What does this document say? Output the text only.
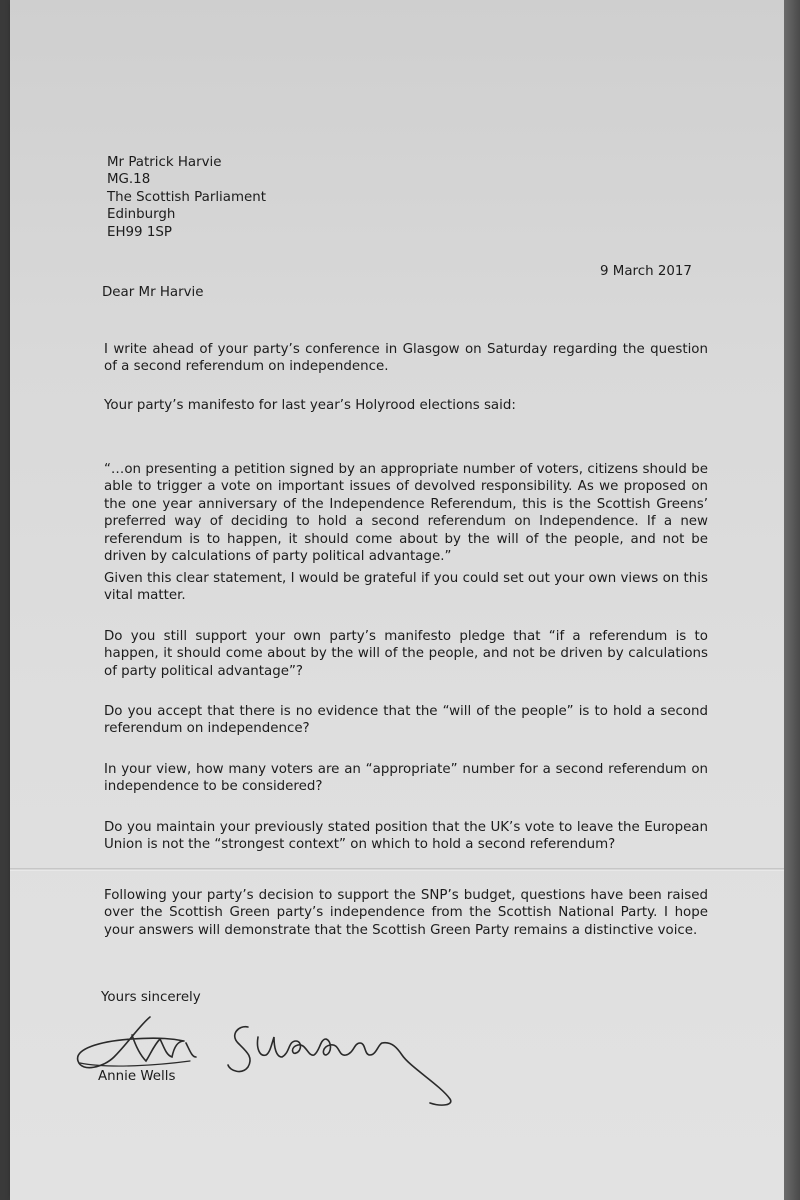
Mr Patrick Harvie
MG.18
The Scottish Parliament
Edinburgh
EH99 1SP
9 March 2017
Dear Mr Harvie
I write ahead of your party’s conference in Glasgow on Saturday regarding the question of a second referendum on independence.
Your party’s manifesto for last year’s Holyrood elections said:
“…on presenting a petition signed by an appropriate number of voters, citizens should be able to trigger a vote on important issues of devolved responsibility. As we proposed on the one year anniversary of the Independence Referendum, this is the Scottish Greens’ preferred way of deciding to hold a second referendum on Independence. If a new referendum is to happen, it should come about by the will of the people, and not be driven by calculations of party political advantage.”
Given this clear statement, I would be grateful if you could set out your own views on this vital matter.
Do you still support your own party’s manifesto pledge that “if a referendum is to happen, it should come about by the will of the people, and not be driven by calculations of party political advantage”?
Do you accept that there is no evidence that the “will of the people” is to hold a second referendum on independence?
In your view, how many voters are an “appropriate” number for a second referendum on independence to be considered?
Do you maintain your previously stated position that the UK’s vote to leave the European Union is not the “strongest context” on which to hold a second referendum?
Following your party’s decision to support the SNP’s budget, questions have been raised over the Scottish Green party’s independence from the Scottish National Party. I hope your answers will demonstrate that the Scottish Green Party remains a distinctive voice.
Yours sincerely
Annie Wells
